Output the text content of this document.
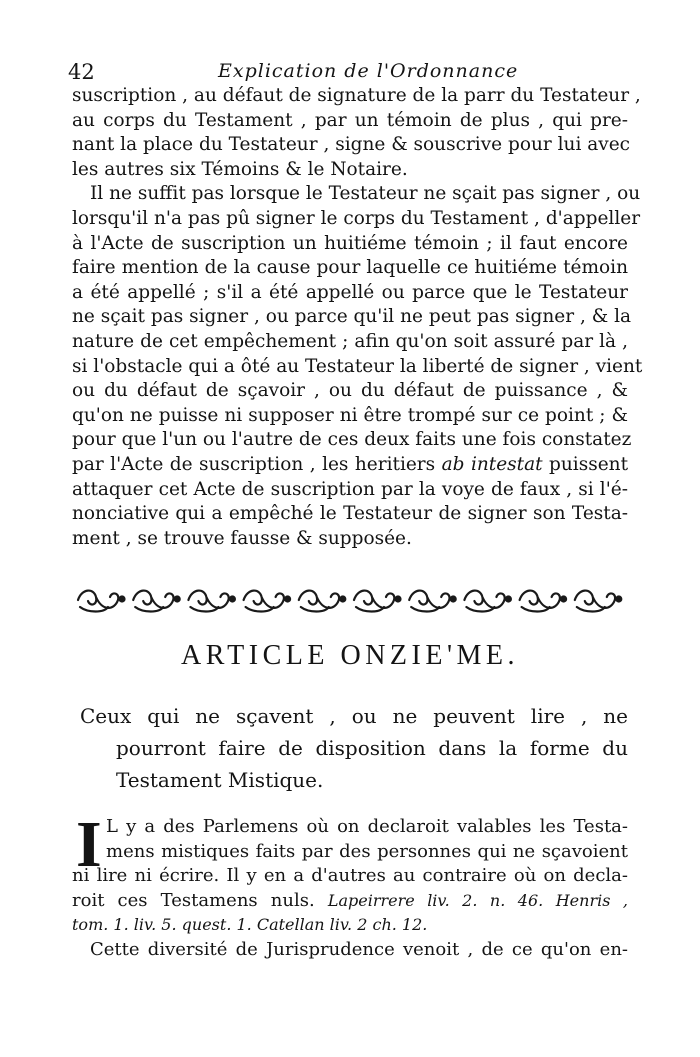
42	Explication de l'Ordonnance

suscription , au défaut de signature de la parr du Testateur ,
au corps du Testament , par un témoin de plus , qui pre-
nant la place du Testateur , signe & souscrive pour lui avec
les autres six Témoins & le Notaire.

Il ne suffit pas lorsque le Testateur ne sçait pas signer , ou
lorsqu'il n'a pas pû signer le corps du Testament , d'appeller
à l'Acte de suscription un huitiéme témoin ; il faut encore
faire mention de la cause pour laquelle ce huitiéme témoin
a été appellé ; s'il a été appellé ou parce que le Testateur
ne sçait pas signer , ou parce qu'il ne peut pas signer , & la
nature de cet empêchement ; afin qu'on soit assuré par là ,
si l'obstacle qui a ôté au Testateur la liberté de signer , vient
ou du défaut de sçavoir , ou du défaut de puissance , &
qu'on ne puisse ni supposer ni être trompé sur ce point ; &
pour que l'un ou l'autre de ces deux faits une fois constatez
par l'Acte de suscription , les heritiers ab intestat puissent
attaquer cet Acte de suscription par la voye de faux , si l'é-
nonciative qui a empêché le Testateur de signer son Testa-
ment , se trouve fausse & supposée.

ARTICLE ONZIE'ME.
Ceux qui ne sçavent , ou ne peuvent lire , ne
pourront faire de disposition dans la forme du
Testament Mistique.
I L y a des Parlemens où on declaroit valables les Testa-
mens mistiques faits par des personnes qui ne sçavoient
ni lire ni écrire. Il y en a d'autres au contraire où on decla-
roit ces Testamens nuls. Lapeirrere liv. 2. n. 46. Henris ,
tom. 1. liv. 5. quest. 1. Catellan liv. 2 ch. 12.
Cette diversité de Jurisprudence venoit , de ce qu'on en-
